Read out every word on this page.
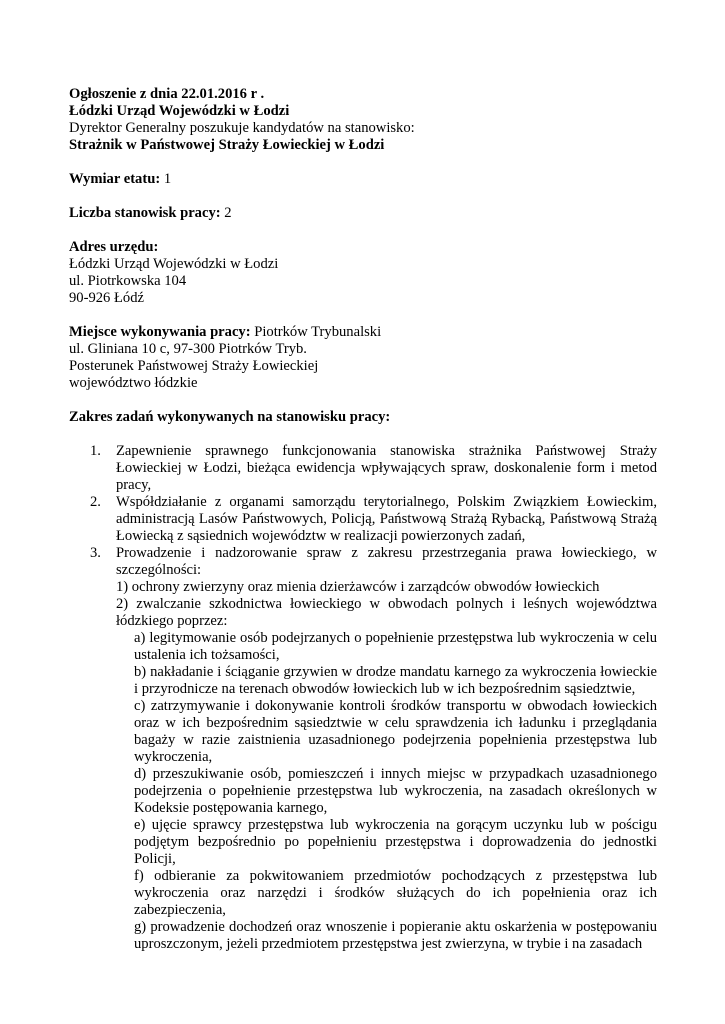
Ogłoszenie z dnia 22.01.2016 r .

Łódzki Urząd Wojewódzki w Łodzi

Dyrektor Generalny poszukuje kandydatów na stanowisko:

Strażnik w Państwowej Straży Łowieckiej w Łodzi

Wymiar etatu: 1

Liczba stanowisk pracy: 2

Adres urzędu:

Łódzki Urząd Wojewódzki w Łodzi

ul. Piotrkowska 104

90-926 Łódź

Miejsce wykonywania pracy: Piotrków Trybunalski

ul. Gliniana 10 c, 97-300 Piotrków Tryb.

Posterunek Państwowej Straży Łowieckiej

województwo łódzkie

Zakres zadań wykonywanych na stanowisku pracy:

1. Zapewnienie sprawnego funkcjonowania stanowiska strażnika Państwowej Straży Łowieckiej w Łodzi, bieżąca ewidencja wpływających spraw, doskonalenie form i metod pracy,

2. Współdziałanie z organami samorządu terytorialnego, Polskim Związkiem Łowieckim, administracją Lasów Państwowych, Policją, Państwową Strażą Rybacką, Państwową Strażą Łowiecką z sąsiednich województw w realizacji powierzonych zadań,

3. Prowadzenie i nadzorowanie spraw z zakresu przestrzegania prawa łowieckiego, w szczególności:

1) ochrony zwierzyny oraz mienia dzierżawców i zarządców obwodów łowieckich

2) zwalczanie szkodnictwa łowieckiego w obwodach polnych i leśnych województwa łódzkiego poprzez:

a) legitymowanie osób podejrzanych o popełnienie przestępstwa lub wykroczenia w celu ustalenia ich tożsamości,

b) nakładanie i ściąganie grzywien w drodze mandatu karnego za wykroczenia łowieckie i przyrodnicze na terenach obwodów łowieckich lub w ich bezpośrednim sąsiedztwie,

c) zatrzymywanie i dokonywanie kontroli środków transportu w obwodach łowieckich oraz w ich bezpośrednim sąsiedztwie w celu sprawdzenia ich ładunku i przeglądania bagaży w razie zaistnienia uzasadnionego podejrzenia popełnienia przestępstwa lub wykroczenia,

d) przeszukiwanie osób, pomieszczeń i innych miejsc w przypadkach uzasadnionego podejrzenia o popełnienie przestępstwa lub wykroczenia, na zasadach określonych w Kodeksie postępowania karnego,

e) ujęcie sprawcy przestępstwa lub wykroczenia na gorącym uczynku lub w pościgu podjętym bezpośrednio po popełnieniu przestępstwa i doprowadzenia do jednostki Policji,

f) odbieranie za pokwitowaniem przedmiotów pochodzących z przestępstwa lub wykroczenia oraz narzędzi i środków służących do ich popełnienia oraz ich zabezpieczenia,

g) prowadzenie dochodzeń oraz wnoszenie i popieranie aktu oskarżenia w postępowaniu uproszczonym, jeżeli przedmiotem przestępstwa jest zwierzyna, w trybie i na zasadach
